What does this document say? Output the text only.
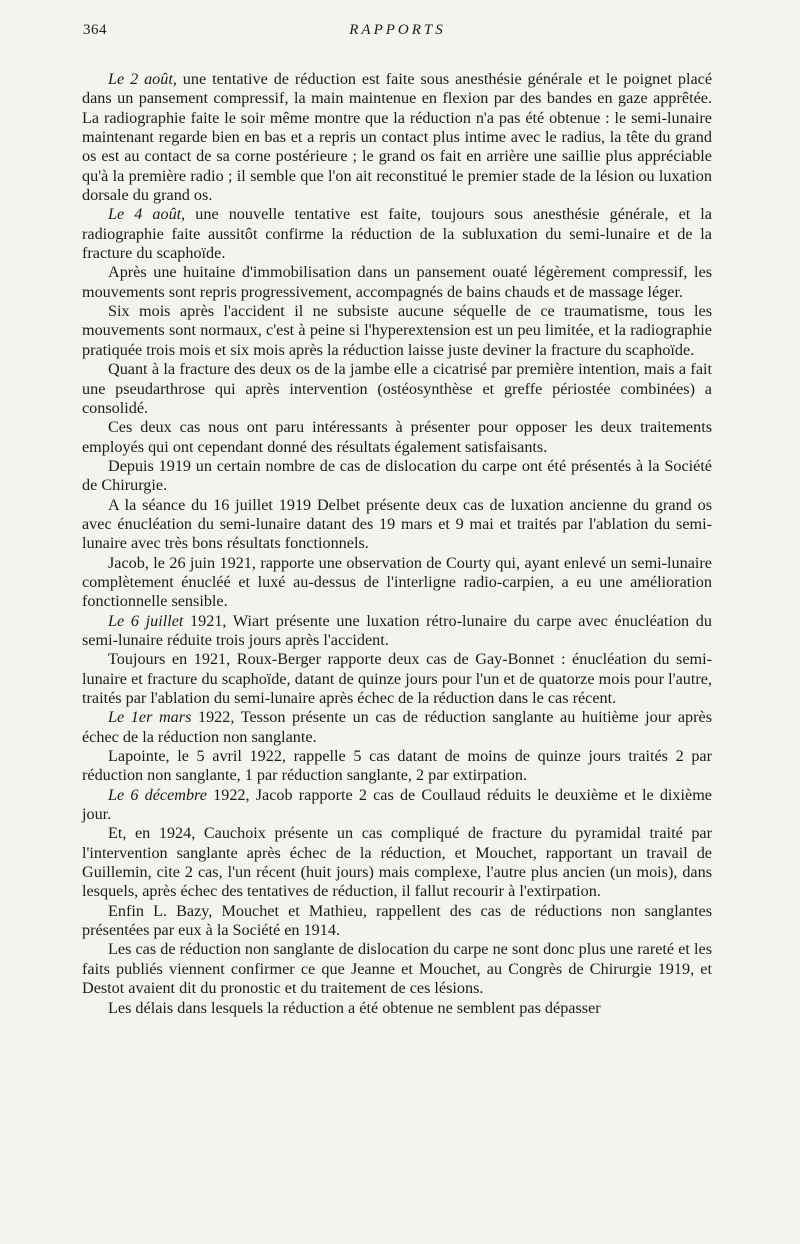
364	RAPPORTS

Le 2 août, une tentative de réduction est faite sous anesthésie générale et le poignet placé dans un pansement compressif, la main maintenue en flexion par des bandes en gaze apprêtée. La radiographie faite le soir même montre que la réduction n'a pas été obtenue : le semi-lunaire maintenant regarde bien en bas et a repris un contact plus intime avec le radius, la tête du grand os est au contact de sa corne postérieure ; le grand os fait en arrière une saillie plus appréciable qu'à la première radio ; il semble que l'on ait reconstitué le premier stade de la lésion ou luxation dorsale du grand os.

Le 4 août, une nouvelle tentative est faite, toujours sous anesthésie générale, et la radiographie faite aussitôt confirme la réduction de la subluxation du semi-lunaire et de la fracture du scaphoïde.

Après une huitaine d'immobilisation dans un pansement ouaté légèrement compressif, les mouvements sont repris progressivement, accompagnés de bains chauds et de massage léger.

Six mois après l'accident il ne subsiste aucune séquelle de ce traumatisme, tous les mouvements sont normaux, c'est à peine si l'hyperextension est un peu limitée, et la radiographie pratiquée trois mois et six mois après la réduction laisse juste deviner la fracture du scaphoïde.

Quant à la fracture des deux os de la jambe elle a cicatrisé par première intention, mais a fait une pseudarthrose qui après intervention (ostéosynthèse et greffe périostée combinées) a consolidé.

Ces deux cas nous ont paru intéressants à présenter pour opposer les deux traitements employés qui ont cependant donné des résultats également satisfaisants.

Depuis 1919 un certain nombre de cas de dislocation du carpe ont été présentés à la Société de Chirurgie.

A la séance du 16 juillet 1919 Delbet présente deux cas de luxation ancienne du grand os avec énucléation du semi-lunaire datant des 19 mars et 9 mai et traités par l'ablation du semi-lunaire avec très bons résultats fonctionnels.

Jacob, le 26 juin 1921, rapporte une observation de Courty qui, ayant enlevé un semi-lunaire complètement énucléé et luxé au-dessus de l'interligne radio-carpien, a eu une amélioration fonctionnelle sensible.

Le 6 juillet 1921, Wiart présente une luxation rétro-lunaire du carpe avec énucléation du semi-lunaire réduite trois jours après l'accident.

Toujours en 1921, Roux-Berger rapporte deux cas de Gay-Bonnet : énucléation du semi-lunaire et fracture du scaphoïde, datant de quinze jours pour l'un et de quatorze mois pour l'autre, traités par l'ablation du semi-lunaire après échec de la réduction dans le cas récent.

Le 1er mars 1922, Tesson présente un cas de réduction sanglante au huitième jour après échec de la réduction non sanglante.

Lapointe, le 5 avril 1922, rappelle 5 cas datant de moins de quinze jours traités 2 par réduction non sanglante, 1 par réduction sanglante, 2 par extirpation.

Le 6 décembre 1922, Jacob rapporte 2 cas de Coullaud réduits le deuxième et le dixième jour.

Et, en 1924, Cauchoix présente un cas compliqué de fracture du pyramidal traité par l'intervention sanglante après échec de la réduction, et Mouchet, rapportant un travail de Guillemin, cite 2 cas, l'un récent (huit jours) mais complexe, l'autre plus ancien (un mois), dans lesquels, après échec des tentatives de réduction, il fallut recourir à l'extirpation.

Enfin L. Bazy, Mouchet et Mathieu, rappellent des cas de réductions non sanglantes présentées par eux à la Société en 1914.

Les cas de réduction non sanglante de dislocation du carpe ne sont donc plus une rareté et les faits publiés viennent confirmer ce que Jeanne et Mouchet, au Congrès de Chirurgie 1919, et Destot avaient dit du pronostic et du traitement de ces lésions.

Les délais dans lesquels la réduction a été obtenue ne semblent pas dépasser
